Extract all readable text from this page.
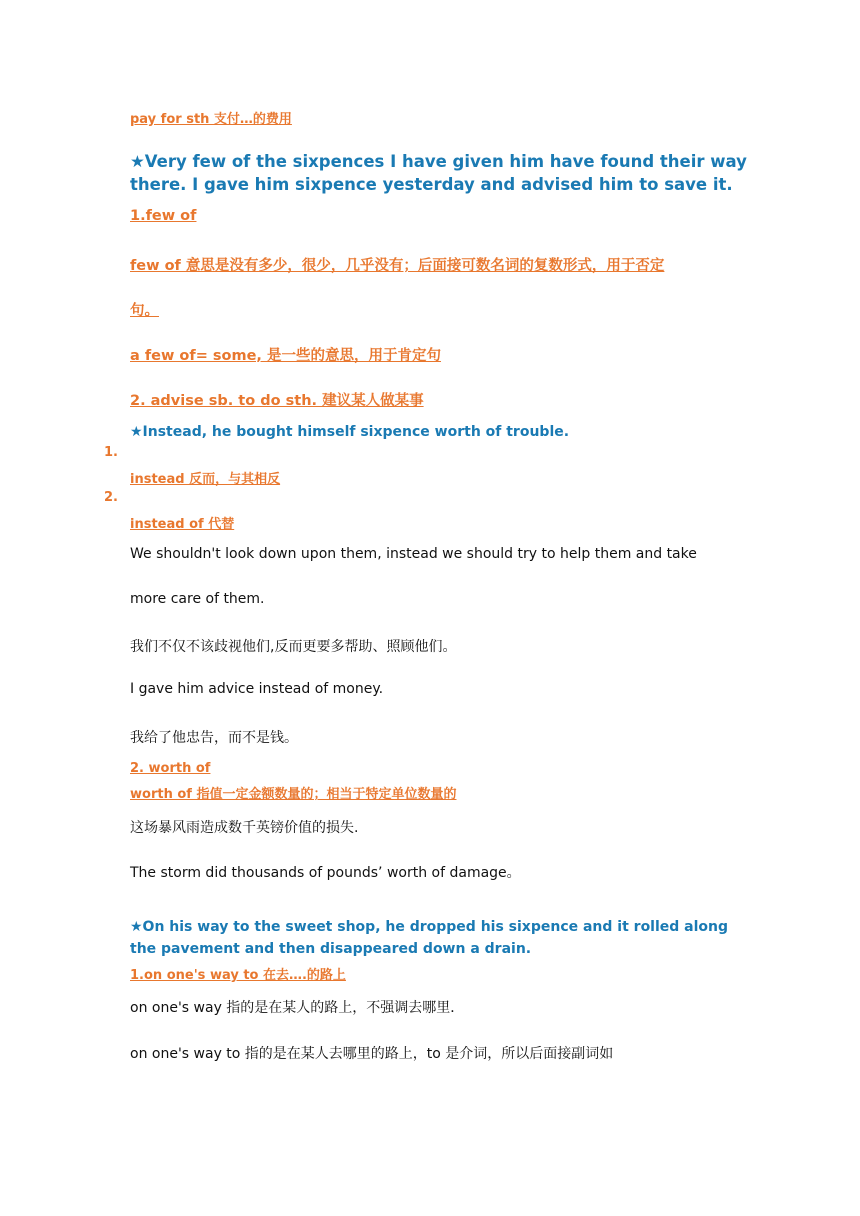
pay for sth 支付…的费用

★Very few of the sixpences I have given him have found their way there. I gave him sixpence yesterday and advised him to save it.

1.few of

few of 意思是没有多少，很少，几乎没有；后面接可数名词的复数形式，用于否定

句。

a few of= some, 是一些的意思，用于肯定句

2. advise sb. to do sth. 建议某人做某事

★Instead, he bought himself sixpence worth of trouble.

1.

instead 反而，与其相反

2.

instead of 代替

We shouldn't look down upon them, instead we should try to help them and take

more care of them.

我们不仅不该歧视他们,反而更要多帮助、照顾他们。

I gave him advice instead of money.

我给了他忠告，而不是钱。

2. worth of

worth of 指值一定金额数量的；相当于特定单位数量的

这场暴风雨造成数千英镑价值的损失.

The storm did thousands of pounds’ worth of damage。

★On his way to the sweet shop, he dropped his sixpence and it rolled along the pavement and then disappeared down a drain.

1.on one's way to 在去….的路上

on one's way 指的是在某人的路上，不强调去哪里．

on one's way to 指的是在某人去哪里的路上，to 是介词，所以后面接副词如
